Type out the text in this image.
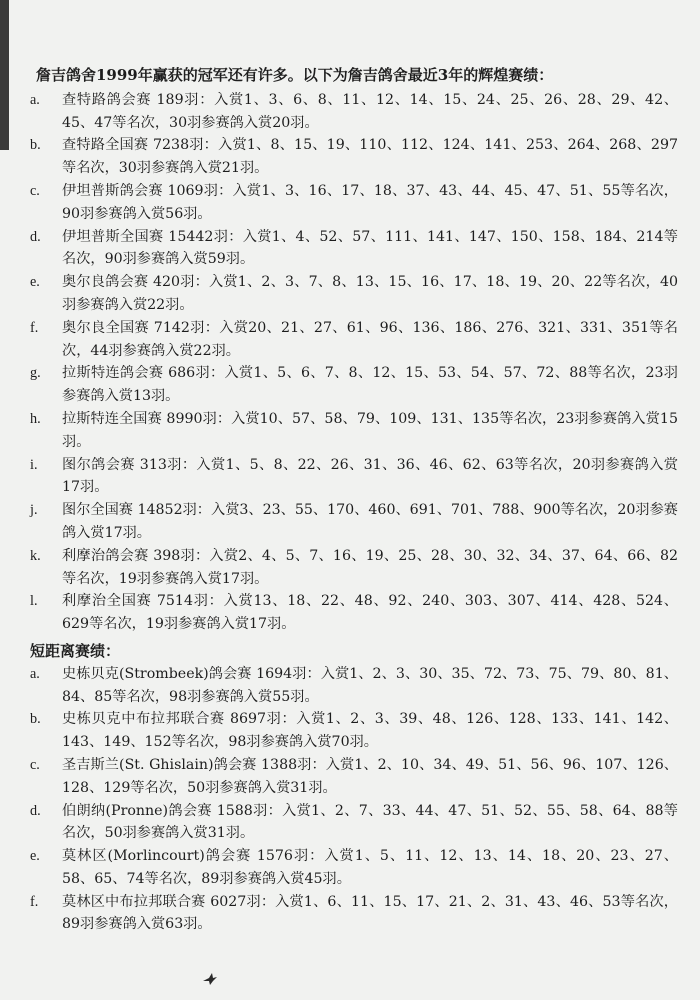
詹吉鸽舍1999年赢获的冠军还有许多。以下为詹吉鸽舍最近3年的辉煌赛绩：
a.	查特路鸽会赛 189羽：入赏1、3、6、8、11、12、14、15、24、25、26、28、29、42、45、47等名次，30羽参赛鸽入赏20羽。
b.	查特路全国赛 7238羽：入赏1、8、15、19、110、112、124、141、253、264、268、297等名次，30羽参赛鸽入赏21羽。
c.	伊坦普斯鸽会赛 1069羽：入赏1、3、16、17、18、37、43、44、45、47、51、55等名次，90羽参赛鸽入赏56羽。
d.	伊坦普斯全国赛 15442羽：入赏1、4、52、57、111、141、147、150、158、184、214等名次，90羽参赛鸽入赏59羽。
e.	奥尔良鸽会赛 420羽：入赏1、2、3、7、8、13、15、16、17、18、19、20、22等名次，40羽参赛鸽入赏22羽。
f.	奥尔良全国赛 7142羽：入赏20、21、27、61、96、136、186、276、321、331、351等名次，44羽参赛鸽入赏22羽。
g.	拉斯特连鸽会赛 686羽：入赏1、5、6、7、8、12、15、53、54、57、72、88等名次，23羽参赛鸽入赏13羽。
h.	拉斯特连全国赛 8990羽：入赏10、57、58、79、109、131、135等名次，23羽参赛鸽入赏15羽。
i.	图尔鸽会赛 313羽：入赏1、5、8、22、26、31、36、46、62、63等名次，20羽参赛鸽入赏17羽。
j.	图尔全国赛 14852羽：入赏3、23、55、170、460、691、701、788、900等名次，20羽参赛鸽入赏17羽。
k.	利摩治鸽会赛 398羽：入赏2、4、5、7、16、19、25、28、30、32、34、37、64、66、82等名次，19羽参赛鸽入赏17羽。
l.	利摩治全国赛 7514羽：入赏13、18、22、48、92、240、303、307、414、428、524、629等名次，19羽参赛鸽入赏17羽。
短距离赛绩：
a.	史栋贝克(Strombeek)鸽会赛 1694羽：入赏1、2、3、30、35、72、73、75、79、80、81、84、85等名次，98羽参赛鸽入赏55羽。
b.	史栋贝克中布拉邦联合赛 8697羽：入赏1、2、3、39、48、126、128、133、141、142、143、149、152等名次，98羽参赛鸽入赏70羽。
c.	圣吉斯兰(St. Ghislain)鸽会赛 1388羽：入赏1、2、10、34、49、51、56、96、107、126、128、129等名次，50羽参赛鸽入赏31羽。
d.	伯朗纳(Pronne)鸽会赛 1588羽：入赏1、2、7、33、44、47、51、52、55、58、64、88等名次，50羽参赛鸽入赏31羽。
e.	莫林区(Morlincourt)鸽会赛 1576羽：入赏1、5、11、12、13、14、18、20、23、27、58、65、74等名次，89羽参赛鸽入赏45羽。
f.	莫林区中布拉邦联合赛 6027羽：入赏1、6、11、15、17、21、2、31、43、46、53等名次，89羽参赛鸽入赏63羽。
